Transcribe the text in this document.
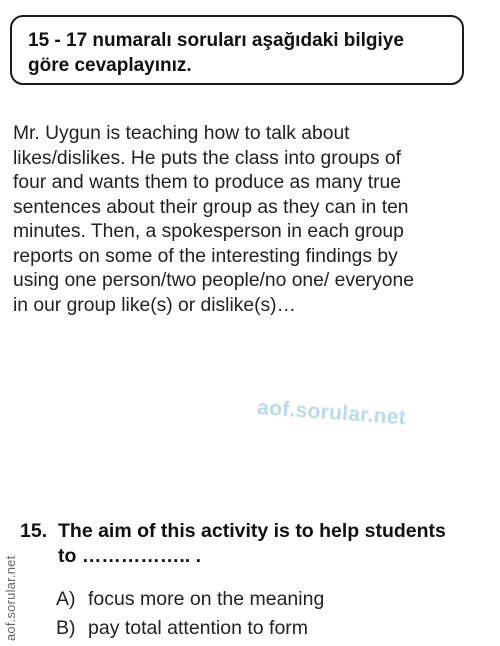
15 - 17 numaralı soruları aşağıdaki bilgiye
göre cevaplayınız.
Mr. Uygun is teaching how to talk about
likes/dislikes. He puts the class into groups of
four and wants them to produce as many true
sentences about their group as they can in ten
minutes. Then, a spokesperson in each group
reports on some of the interesting findings by
using one person/two people/no one/ everyone
in our group like(s) or dislike(s)…
aof.sorular.net
aof.sorular.net
15. The aim of this activity is to help students
to …………….. .
A) focus more on the meaning
B) pay total attention to form
